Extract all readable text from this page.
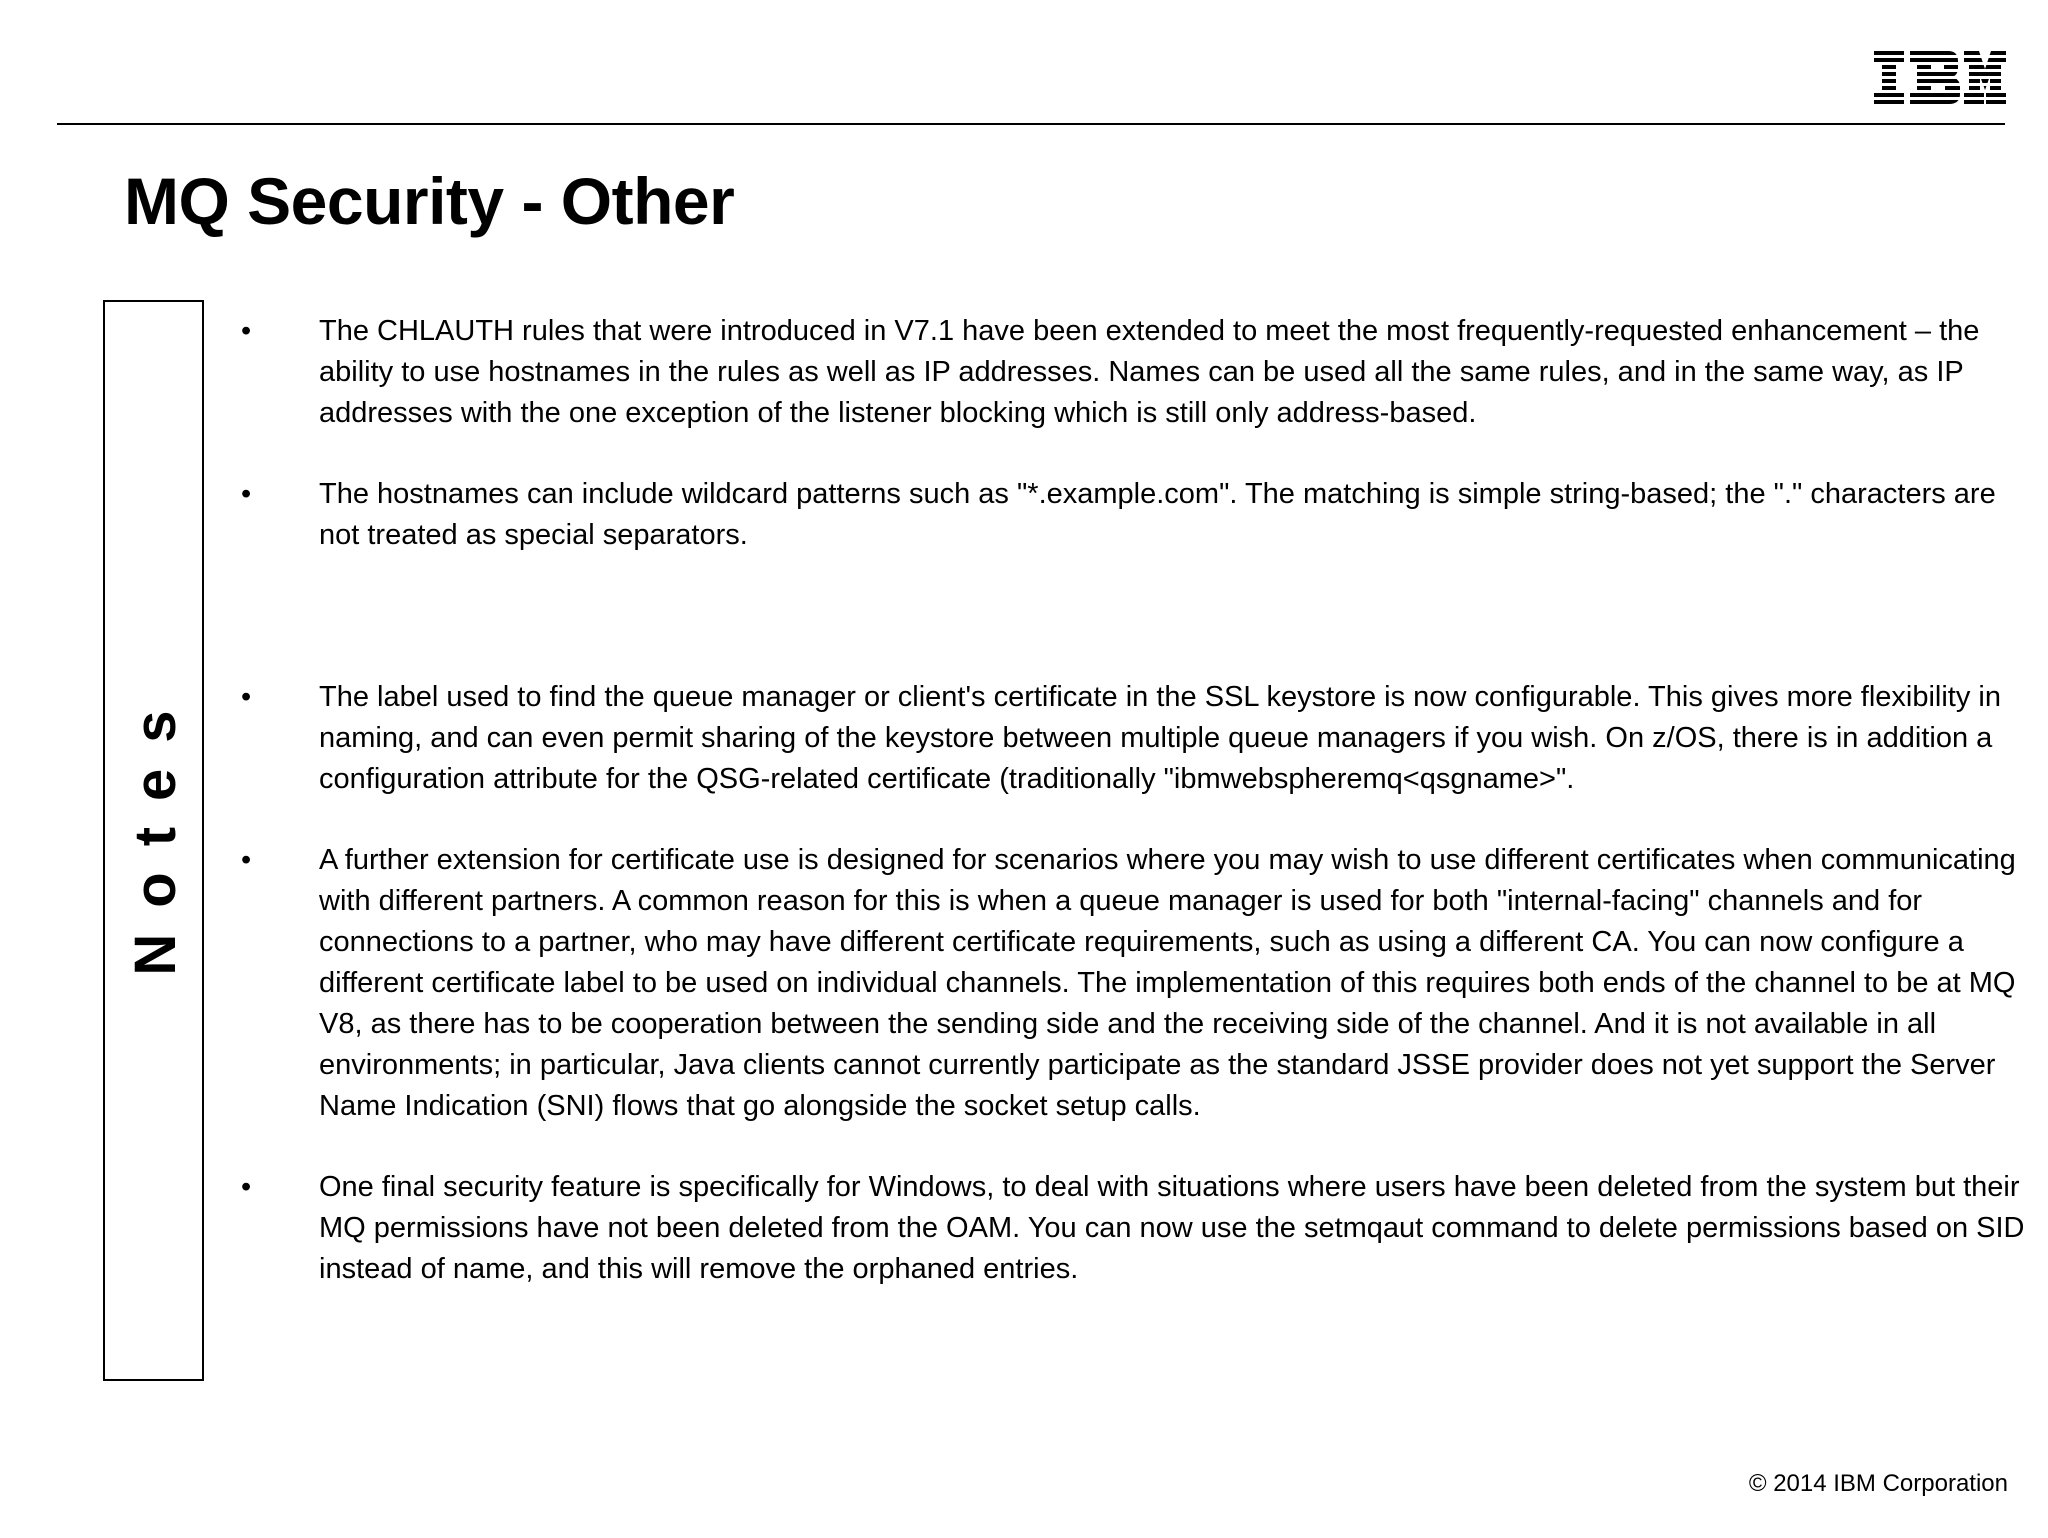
MQ Security - Other
Notes
• The CHLAUTH rules that were introduced in V7.1 have been extended to meet the most frequently-requested enhancement – the ability to use hostnames in the rules as well as IP addresses. Names can be used all the same rules, and in the same way, as IP addresses with the one exception of the listener blocking which is still only address-based.
• The hostnames can include wildcard patterns such as "*.example.com". The matching is simple string-based; the "." characters are not treated as special separators.
• The label used to find the queue manager or client's certificate in the SSL keystore is now configurable. This gives more flexibility in naming, and can even permit sharing of the keystore between multiple queue managers if you wish. On z/OS, there is in addition a configuration attribute for the QSG-related certificate (traditionally "ibmwebspheremq<qsgname>".
• A further extension for certificate use is designed for scenarios where you may wish to use different certificates when communicating with different partners. A common reason for this is when a queue manager is used for both "internal-facing" channels and for connections to a partner, who may have different certificate requirements, such as using a different CA. You can now configure a different certificate label to be used on individual channels. The implementation of this requires both ends of the channel to be at MQ V8, as there has to be cooperation between the sending side and the receiving side of the channel. And it is not available in all environments; in particular, Java clients cannot currently participate as the standard JSSE provider does not yet support the Server Name Indication (SNI) flows that go alongside the socket setup calls.
• One final security feature is specifically for Windows, to deal with situations where users have been deleted from the system but their MQ permissions have not been deleted from the OAM. You can now use the setmqaut command to delete permissions based on SID instead of name, and this will remove the orphaned entries.
© 2014 IBM Corporation
